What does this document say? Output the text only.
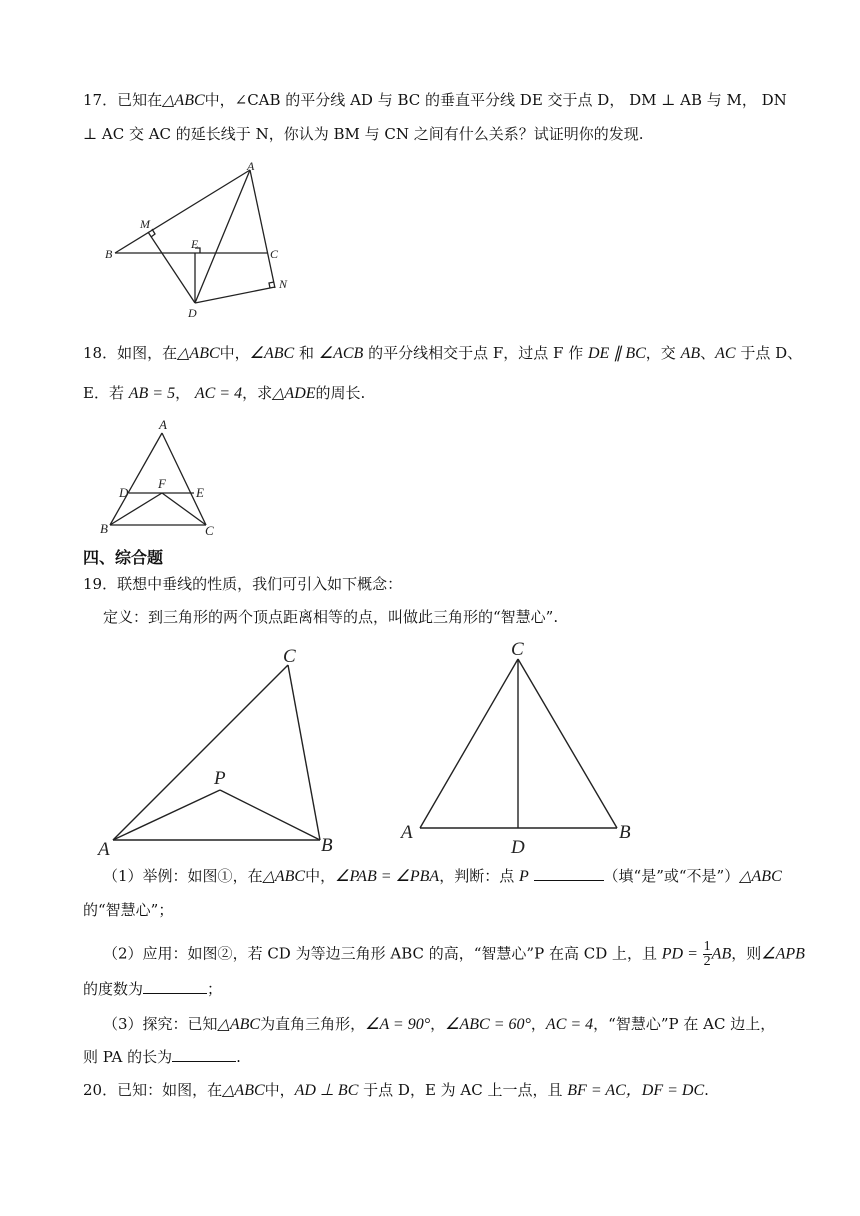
17．已知在△ABC中，∠CAB 的平分线 AD 与 BC 的垂直平分线 DE 交于点 D， DM ⊥ AB 与 M， DN
⊥ AC 交 AC 的延长线于 N，你认为 BM 与 CN 之间有什么关系？试证明你的发现.
A
B	C
D
E
M
N
18．如图，在△ABC中，∠ABC 和 ∠ACB 的平分线相交于点 F，过点 F 作 DE ∥ BC，交 AB、AC 于点 D、
E．若 AB = 5， AC = 4，求△ADE的周长.
A
B	C
D	E
F
四、综合题
19．联想中垂线的性质，我们可引入如下概念：
定义：到三角形的两个顶点距离相等的点，叫做此三角形的“智慧心”.
A	B
C
P
A	B
C
D
（1）举例：如图①，在△ABC中，∠PAB = ∠PBA，判断：点 P	（填“是”或“不是”）△ABC
的“智慧心”；
（2）应用：如图②，若 CD 为等边三角形 ABC 的高，“智慧心”P 在高 CD 上，且 PD = $\frac{1}{2}$ AB，则∠APB
的度数为	；
（3）探究：已知△ABC为直角三角形，∠A = 90°，∠ABC = 60°，AC = 4，“智慧心”P 在 AC 边上，
则 PA 的长为	.
20．已知：如图，在△ABC中，AD ⊥ BC 于点 D，E 为 AC 上一点，且 BF = AC，DF = DC.
